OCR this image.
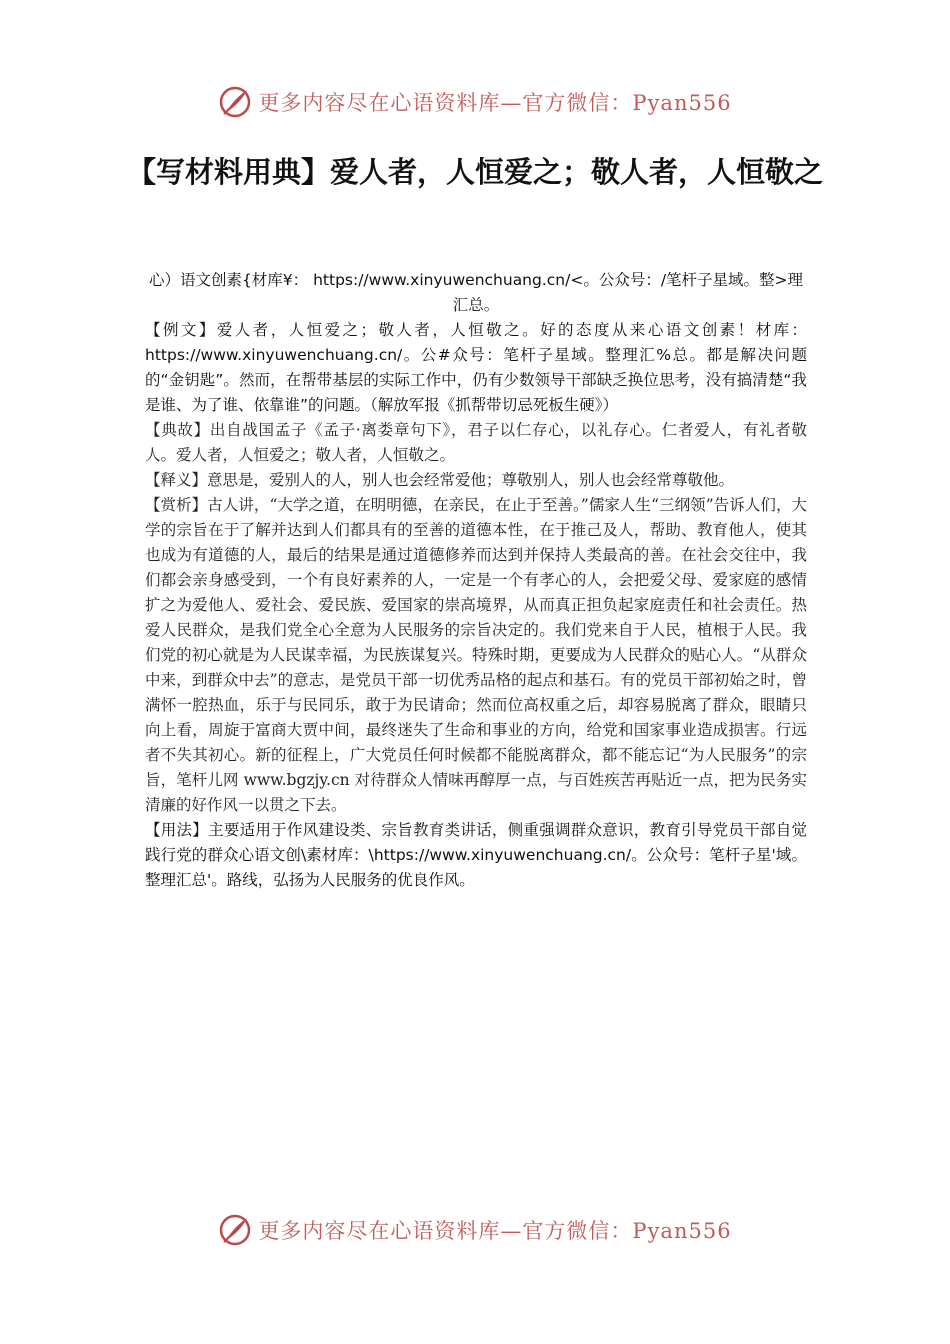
更多内容尽在心语资料库—官方微信：Pyan556
【写材料用典】爱人者，人恒爱之；敬人者，人恒敬之

心）语文创素{材库¥： https://www.xinyuwenchuang.cn/<。公众号：/笔杆子星域。整>理汇总。

【例文】爱人者，人恒爱之；敬人者，人恒敬之。好的态度从来心语文创素！材库：https://www.xinyuwenchuang.cn/。公#众号：笔杆子星域。整理汇%总。都是解决问题的“金钥匙”。然而，在帮带基层的实际工作中，仍有少数领导干部缺乏换位思考，没有搞清楚“我是谁、为了谁、依靠谁”的问题。（解放军报《抓帮带切忌死板生硬》）

【典故】出自战国孟子《孟子·离娄章句下》，君子以仁存心，以礼存心。仁者爱人，有礼者敬人。爱人者，人恒爱之；敬人者，人恒敬之。

【释义】意思是，爱别人的人，别人也会经常爱他；尊敬别人，别人也会经常尊敬他。

【赏析】古人讲，“大学之道，在明明德，在亲民，在止于至善。”儒家人生“三纲领”告诉人们，大学的宗旨在于了解并达到人们都具有的至善的道德本性，在于推己及人，帮助、教育他人，使其也成为有道德的人，最后的结果是通过道德修养而达到并保持人类最高的善。在社会交往中，我们都会亲身感受到，一个有良好素养的人，一定是一个有孝心的人，会把爱父母、爱家庭的感情扩之为爱他人、爱社会、爱民族、爱国家的崇高境界，从而真正担负起家庭责任和社会责任。热爱人民群众，是我们党全心全意为人民服务的宗旨决定的。我们党来自于人民，植根于人民。我们党的初心就是为人民谋幸福，为民族谋复兴。特殊时期，更要成为人民群众的贴心人。“从群众中来，到群众中去”的意志，是党员干部一切优秀品格的起点和基石。有的党员干部初始之时，曾满怀一腔热血，乐于与民同乐，敢于为民请命；然而位高权重之后，却容易脱离了群众，眼睛只向上看，周旋于富商大贾中间，最终迷失了生命和事业的方向，给党和国家事业造成损害。行远者不失其初心。新的征程上，广大党员任何时候都不能脱离群众，都不能忘记“为人民服务”的宗旨，笔杆儿网 www.bgzjy.cn 对待群众人情味再醇厚一点，与百姓疾苦再贴近一点，把为民务实清廉的好作风一以贯之下去。

【用法】主要适用于作风建设类、宗旨教育类讲话，侧重强调群众意识，教育引导党员干部自觉践行党的群众心语文创\素材库：\https://www.xinyuwenchuang.cn/。公众号：笔杆子星'域。整理汇总'。路线，弘扬为人民服务的优良作风。

更多内容尽在心语资料库—官方微信：Pyan556
